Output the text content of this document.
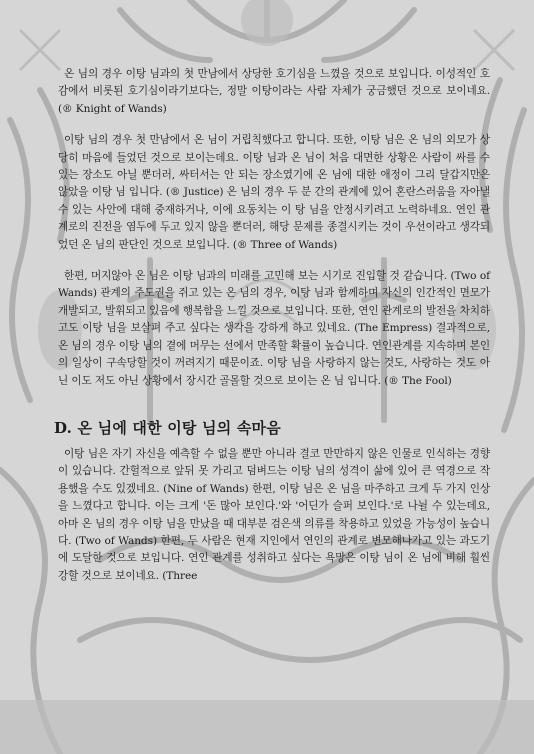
온 님의 경우 이탕 님과의 첫 만남에서 상당한 호기심을 느꼈을 것으로 보입니다. 이성적인 호감에서 비롯된 호기심이라기보다는, 정말 이탕이라는 사람 자체가 궁금했던 것으로 보이네요. (® Knight of Wands)

이탕 님의 경우 첫 만남에서 온 님이 거립칙했다고 합니다. 또한, 이탕 님은 온 님의 외모가 상당히 마음에 들었던 것으로 보이는데요. 이탕 님과 온 님이 처음 대면한 상황은 사람이 싸를 수 있는 장소도 아닐 뿐더러, 싸터서는 안 되는 장소였기에 온 님에 대한 애정이 그리 달갑지만은 않았을 이탕 님 입니다. (® Justice) 온 님의 경우 두 분 간의 관계에 있어 혼란스러움을 자아낼 수 있는 사안에 대해 중재하거나, 이에 요동치는 이 탕 님을 안정시키려고 노력하네요. 연인 관계로의 진전을 염두에 두고 있지 않을 뿐더러, 해당 문제를 종결시키는 것이 우선이라고 생각되었던 온 님의 판단인 것으로 보입니다. (® Three of Wands)

한편, 머지않아 온 님은 이탕 님과의 미래를 고민해 보는 시기로 진입할 것 같습니다. (Two of Wands) 관계의 주도권을 쥐고 있는 온 님의 경우, 이탕 님과 함께하며 자신의 인간적인 면모가 개발되고, 발휘되고 있음에 행복함을 느낄 것으로 보입니다. 또한, 연인 관계로의 발전을 차치하고도 이탕 님을 보살펴 주고 싶다는 생각을 강하게 하고 있네요. (The Empress) 결과적으로, 온 님의 경우 이탕 님의 곁에 머무는 선에서 만족할 확률이 높습니다. 연인관계를 지속하며 본인의 일상이 구속당할 것이 꺼려지기 때문이죠. 이탕 님을 사랑하지 않는 것도, 사랑하는 것도 아닌 이도 저도 아닌 상황에서 장시간 골몰할 것으로 보이는 온 님 입니다. (® The Fool)

D. 온 님에 대한 이탕 님의 속마음

이탕 님은 자기 자신을 예측할 수 없을 뿐만 아니라 결코 만만하지 않은 인물로 인식하는 경향이 있습니다. 간헐적으로 앞뒤 못 가리고 덤벼드는 이탕 님의 성격이 삶에 있어 큰 역경으로 작용했을 수도 있겠네요. (Nine of Wands) 한편, 이탕 님은 온 님을 마주하고 크게 두 가지 인상을 느꼈다고 합니다. 이는 크게 '돈 많아 보인다.'와 '어딘가 슬퍼 보인다.'로 나뉠 수 있는데요, 아마 온 님의 경우 이탕 님을 만났을 때 대부분 검은색 의류를 착용하고 있었을 가능성이 높습니다. (Two of Wands) 한편, 두 사람은 현재 지인에서 연인의 관계로 변모해나가고 있는 과도기에 도달한 것으로 보입니다. 연인 관계를 성취하고 싶다는 욕망은 이탕 님이 온 님에 비해 훨씬 강할 것으로 보이네요. (Three
